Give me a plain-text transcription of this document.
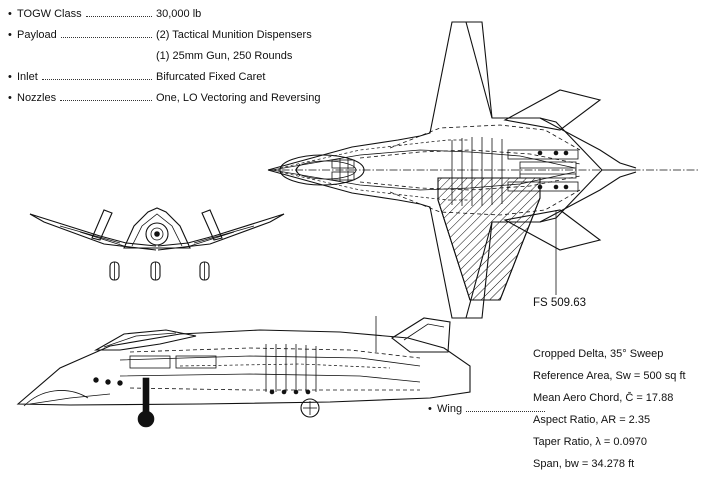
• TOGW Class	30,000 lb
• Payload	(2) Tactical Munition Dispensers
(1) 25mm Gun, 250 Rounds
• Inlet	Bifurcated Fixed Caret
• Nozzles	One, LO Vectoring and Reversing
FS 509.63
• Wing
Cropped Delta, 35° Sweep
Reference Area, Sw = 500 sq ft
Mean Aero Chord, C̄ = 17.88
Aspect Ratio, AR = 2.35
Taper Ratio, λ = 0.0970
Span, bw = 34.278 ft
